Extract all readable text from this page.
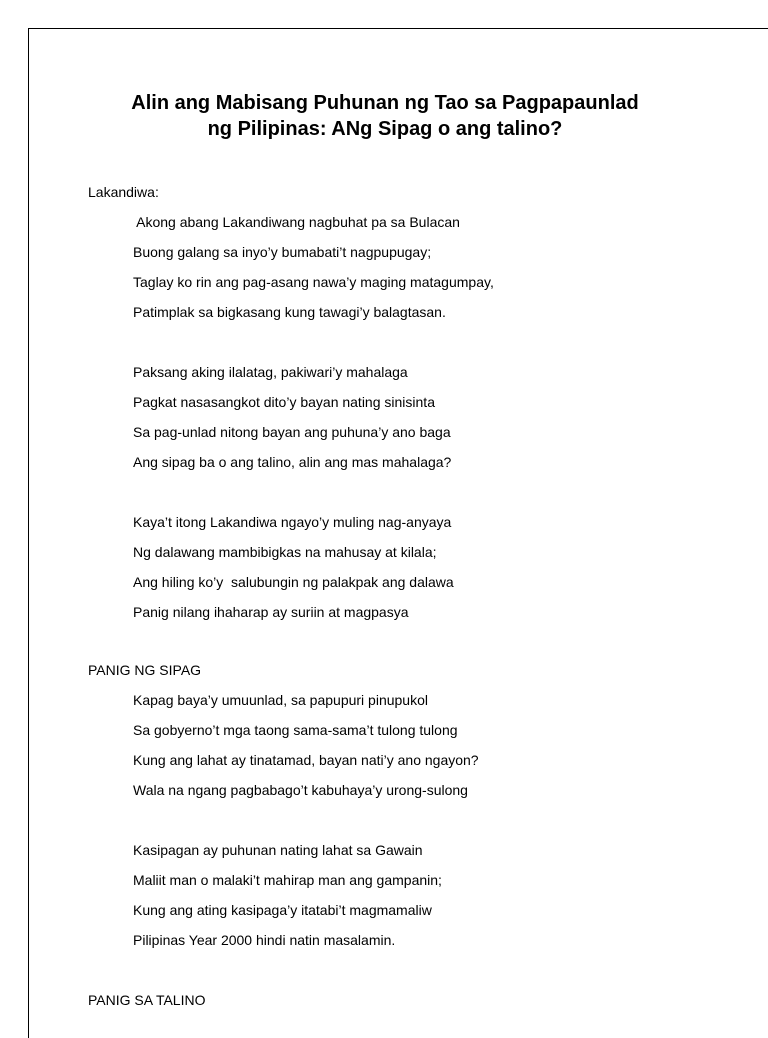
Alin ang Mabisang Puhunan ng Tao sa Pagpapaunlad
ng Pilipinas: ANg Sipag o ang talino?

Lakandiwa:

Akong abang Lakandiwang nagbuhat pa sa Bulacan

Buong galang sa inyo’y bumabati’t nagpupugay;

Taglay ko rin ang pag-asang nawa’y maging matagumpay,

Patimplak sa bigkasang kung tawagi’y balagtasan.

Paksang aking ilalatag, pakiwari’y mahalaga

Pagkat nasasangkot dito’y bayan nating sinisinta

Sa pag-unlad nitong bayan ang puhuna’y ano baga

Ang sipag ba o ang talino, alin ang mas mahalaga?

Kaya’t itong Lakandiwa ngayo’y muling nag-anyaya

Ng dalawang mambibigkas na mahusay at kilala;

Ang hiling ko’y  salubungin ng palakpak ang dalawa

Panig nilang ihaharap ay suriin at magpasya

PANIG NG SIPAG

Kapag baya’y umuunlad, sa papupuri pinupukol

Sa gobyerno’t mga taong sama-sama’t tulong tulong

Kung ang lahat ay tinatamad, bayan nati’y ano ngayon?

Wala na ngang pagbabago’t kabuhaya’y urong-sulong

Kasipagan ay puhunan nating lahat sa Gawain

Maliit man o malaki’t mahirap man ang gampanin;

Kung ang ating kasipaga’y itatabi’t magmamaliw

Pilipinas Year 2000 hindi natin masalamin.

PANIG SA TALINO
